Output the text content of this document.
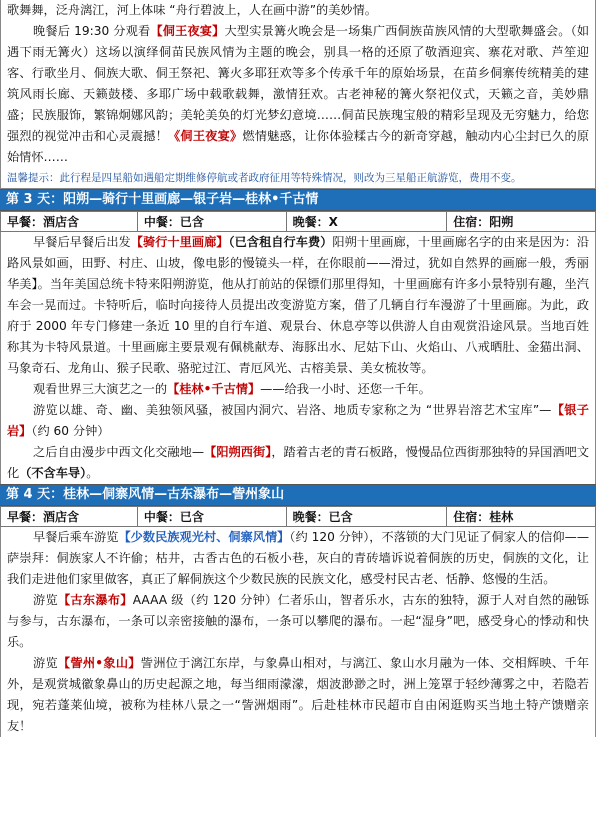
歌舞舞，泛舟漓江，河上体味 “舟行碧波上，人在画中游”的美妙情。
晚餐后 19:30 分观看【侗王夜宴】大型实景篝火晚会是一场集广西侗族苗族风情的大型歌舞盛会。（如遇下雨无篝火）这场以演绎侗苗民族风情为主题的晚会，别具一格的还原了敬酒迎宾、寨花对歌、芦笙迎客、行歌坐月、侗族大歌、侗王祭祀、篝火多耶狂欢等多个传承千年的原始场景，在苗乡侗寨传统精美的建筑风雨长廊、天籁鼓楼、多耶广场中载歌载舞，激情狂欢。古老神秘的篝火祭祀仪式，天籁之音，美妙鼎盛；民族服饰，繁锦炯娜风韵；美轮美奂的灯光梦幻意境……侗苗民族瑰宝般的精彩呈现及无穷魅力，给您强烈的视觉冲击和心灵震撼！《侗王夜宴》燃情魅惑，让你体验糅古今的新奇穿越，触动内心尘封已久的原始情怀……
温馨提示：此行程是四星船如遇船定期维修停航或者政府征用等特殊情况，则改为三星船正航游览，费用不变。
第 3 天：阳朔—骑行十里画廊—银子岩—桂林•千古情
早餐：酒店含	中餐：已含	晚餐：X	住宿：阳朔
早餐后早餐后出发【骑行十里画廊】（已含租自行车费）阳朔十里画廊，十里画廊名字的由来是因为：沿路风景如画，田野、村庄、山坡，像电影的慢镜头一样，在你眼前——滑过，犹如自然界的画廊一般，秀丽华美】。当年美国总统卡特来阳朔游览，他从打前站的保镖们那里得知，十里画廊有许多小景特别有趣，坐汽车会一晃而过。卡特听后，临时向接待人员提出改变游览方案，借了几辆自行车漫游了十里画廊。为此，政府于 2000 年专门修建一条近 10 里的自行车道、观景台、休息亭等以供游人自由观赏沿途风景。当地百姓称其为卡特风景道。十里画廊主要景观有佩桃献寿、海豚出水、尼姑下山、火焰山、八戒晒肚、金猫出洞、马象奇石、龙角山、猴子民歌、骆驼过江、青厄风光、古榕美景、美女梳妆等。
观看世界三大演艺之一的【桂林•千古情】——给我一小时、还您一千年。
游览以雄、奇、幽、美独领风骚，被国内洞穴、岩洛、地质专家称之为 “世界岩溶艺术宝库”—【银子岩】（约 60 分钟）
之后自由漫步中西文化交融地—【阳朔西街】，踏着古老的青石板路，慢慢品位西街那独特的异国酒吧文化（不含车导）。
第 4 天：桂林—侗寨风情—古东瀑布—訾州象山
早餐：酒店含	中餐：已含	晚餐：已含	住宿：桂林
早餐后乘车游览【少数民族观光村、侗寨风情】（约 120 分钟），不落锁的大门见证了侗家人的信仰——萨崇拜：侗族家人不许偷；枯井，古香古色的石板小巷，灰白的青砖墙诉说着侗族的历史，侗族的文化，让我们走进他们家里做客，真正了解侗族这个少数民族的民族文化，感受村民古老、恬静、悠慢的生活。
游览【古东瀑布】AAAA 级（约 120 分钟）仁者乐山，智者乐水，古东的独特，源于人对自然的融铄与参与，古东瀑布，一条可以亲密接触的瀑布，一条可以攀爬的瀑布。一起“湿身”吧，感受身心的悸动和快乐。
游览【訾州•象山】訾洲位于漓江东岸，与象鼻山相对，与漓江、象山水月融为一体、交相辉映、千年外，是观赏城徽象鼻山的历史起源之地，每当细雨濛濛，烟波渺渺之时，洲上笼罩于轻纱薄雾之中，若隐若现，宛若蓬莱仙境，被称为桂林八景之一“訾洲烟雨”。后赴桂林市民超市自由闲逛购买当地土特产馈赠亲友！
